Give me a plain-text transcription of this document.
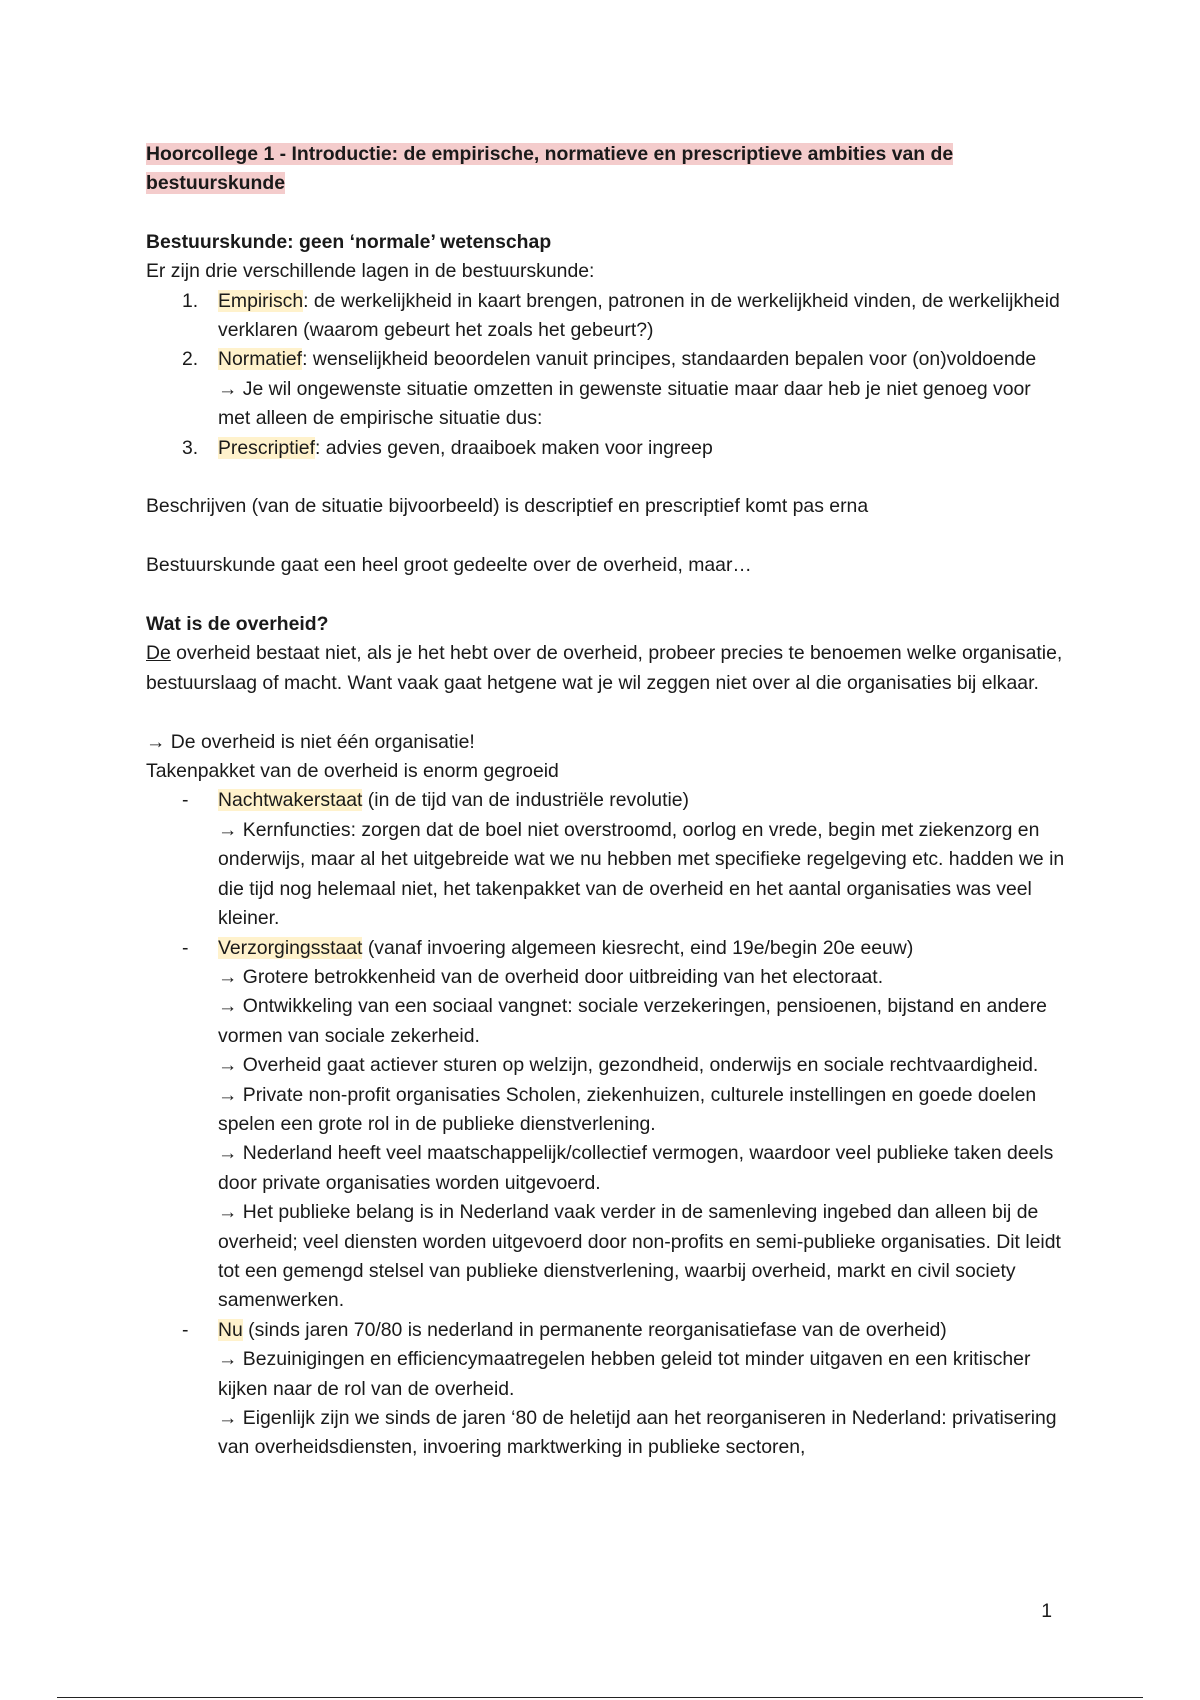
Hoorcollege 1 - Introductie: de empirische, normatieve en prescriptieve ambities van de bestuurskunde
Bestuurskunde: geen ‘normale’ wetenschap

Er zijn drie verschillende lagen in de bestuurskunde:

1. Empirisch: de werkelijkheid in kaart brengen, patronen in de werkelijkheid vinden, de werkelijkheid verklaren (waarom gebeurt het zoals het gebeurt?)
2. Normatief: wenselijkheid beoordelen vanuit principes, standaarden bepalen voor (on)voldoende
→ Je wil ongewenste situatie omzetten in gewenste situatie maar daar heb je niet genoeg voor met alleen de empirische situatie dus:
3. Prescriptief: advies geven, draaiboek maken voor ingreep

Beschrijven (van de situatie bijvoorbeeld) is descriptief en prescriptief komt pas erna

Bestuurskunde gaat een heel groot gedeelte over de overheid, maar…

Wat is de overheid?

De overheid bestaat niet, als je het hebt over de overheid, probeer precies te benoemen welke organisatie, bestuurslaag of macht. Want vaak gaat hetgene wat je wil zeggen niet over al die organisaties bij elkaar.

→ De overheid is niet één organisatie!

Takenpakket van de overheid is enorm gegroeid

- Nachtwakerstaat (in de tijd van de industriële revolutie)
→ Kernfuncties: zorgen dat de boel niet overstroomd, oorlog en vrede, begin met ziekenzorg en onderwijs, maar al het uitgebreide wat we nu hebben met specifieke regelgeving etc. hadden we in die tijd nog helemaal niet, het takenpakket van de overheid en het aantal organisaties was veel kleiner.
- Verzorgingsstaat (vanaf invoering algemeen kiesrecht, eind 19e/begin 20e eeuw)
→ Grotere betrokkenheid van de overheid door uitbreiding van het electoraat.
→ Ontwikkeling van een sociaal vangnet: sociale verzekeringen, pensioenen, bijstand en andere vormen van sociale zekerheid.
→ Overheid gaat actiever sturen op welzijn, gezondheid, onderwijs en sociale rechtvaardigheid.
→ Private non-profit organisaties Scholen, ziekenhuizen, culturele instellingen en goede doelen spelen een grote rol in de publieke dienstverlening.
→ Nederland heeft veel maatschappelijk/collectief vermogen, waardoor veel publieke taken deels door private organisaties worden uitgevoerd.
→ Het publieke belang is in Nederland vaak verder in de samenleving ingebed dan alleen bij de overheid; veel diensten worden uitgevoerd door non-profits en semi-publieke organisaties. Dit leidt tot een gemengd stelsel van publieke dienstverlening, waarbij overheid, markt en civil society samenwerken.
- Nu (sinds jaren 70/80 is nederland in permanente reorganisatiefase van de overheid)
→ Bezuinigingen en efficiencymaatregelen hebben geleid tot minder uitgaven en een kritischer kijken naar de rol van de overheid.
→ Eigenlijk zijn we sinds de jaren ‘80 de heletijd aan het reorganiseren in Nederland: privatisering van overheidsdiensten, invoering marktwerking in publieke sectoren,
1
